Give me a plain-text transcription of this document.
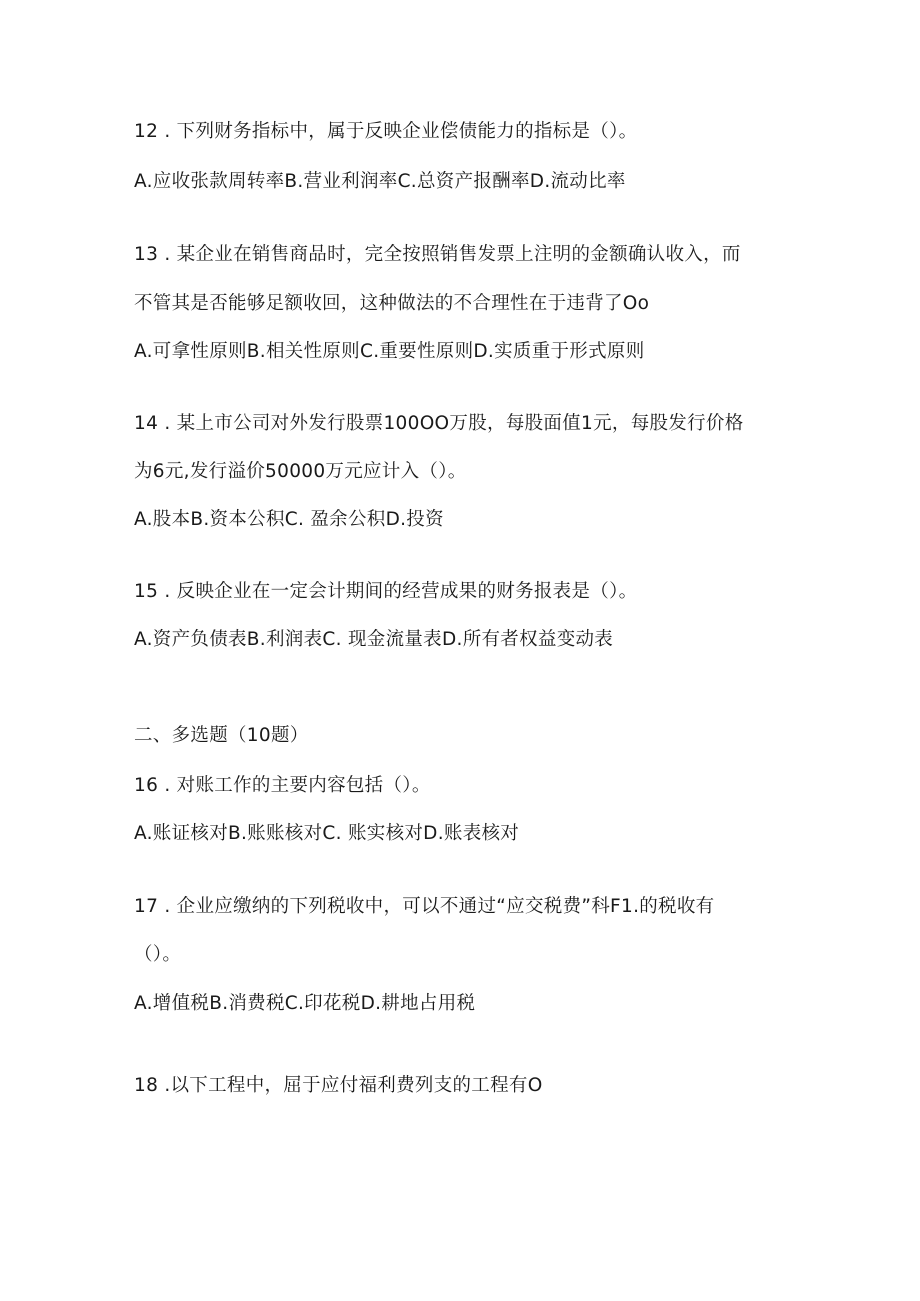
12 . 下列财务指标中，属于反映企业偿债能力的指标是（）。
A.应收张款周转率B.营业利润率C.总资产报酬率D.流动比率
13 . 某企业在销售商品时，完全按照销售发票上注明的金额确认收入，而
不管其是否能够足额收回，这种做法的不合理性在于违背了Oo
A.可拿性原则B.相关性原则C.重要性原则D.实质重于形式原则
14 . 某上市公司对外发行股票100OO万股，每股面值1元，每股发行价格
为6元,发行溢价50000万元应计入（）。
A.股本B.资本公积C. 盈余公积D.投资
15 . 反映企业在一定会计期间的经营成果的财务报表是（）。
A.资产负债表B.利润表C. 现金流量表D.所有者权益变动表
二、多选题（10题）
16 . 对账工作的主要内容包括（）。
A.账证核对B.账账核对C. 账实核对D.账表核对
17 . 企业应缴纳的下列税收中，可以不通过“应交税费”科F1.的税收有
（）。
A.增值税B.消费税C.印花税D.耕地占用税
18 .以下工程中，屈于应付福利费列支的工程有O
